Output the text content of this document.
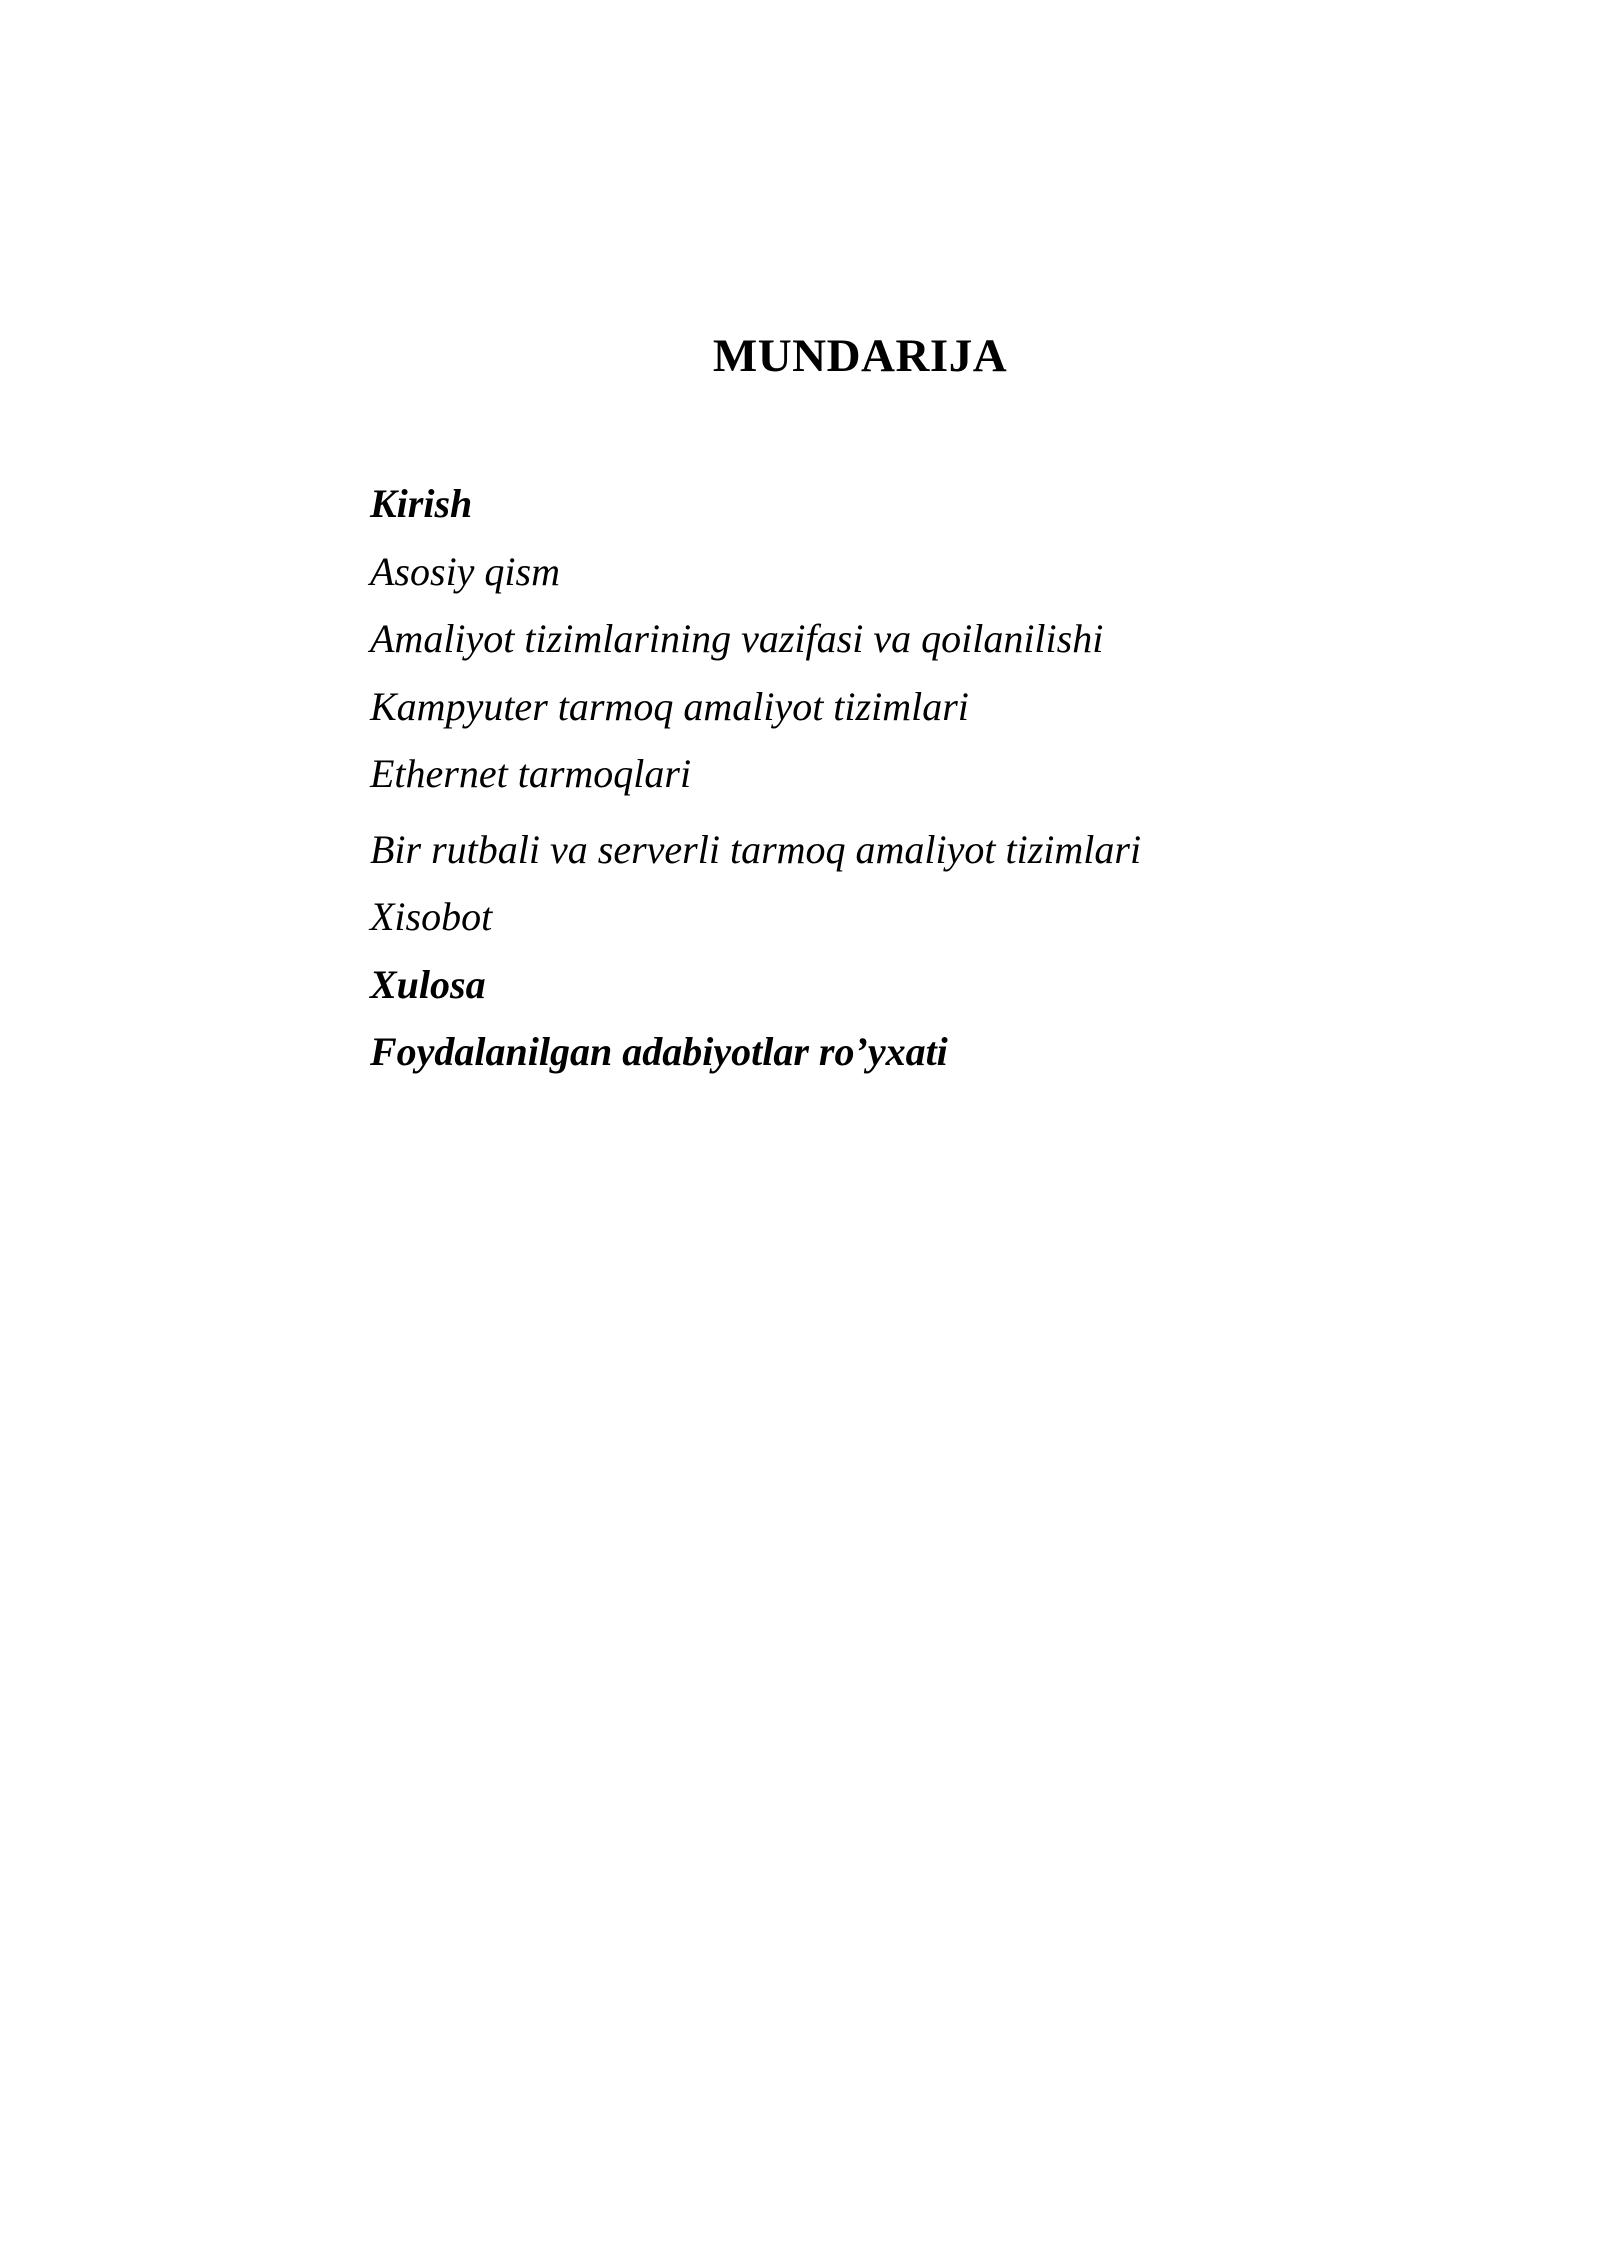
MUNDARIJA
Kirish
Asosiy qism
Amaliyot tizimlarining vazifasi va qoilanilishi
Kampyuter tarmoq amaliyot tizimlari
Ethernet tarmoqlari
Bir rutbali va serverli tarmoq amaliyot tizimlari
Xisobot
Xulosa
Foydalanilgan adabiyotlar ro’yxati
